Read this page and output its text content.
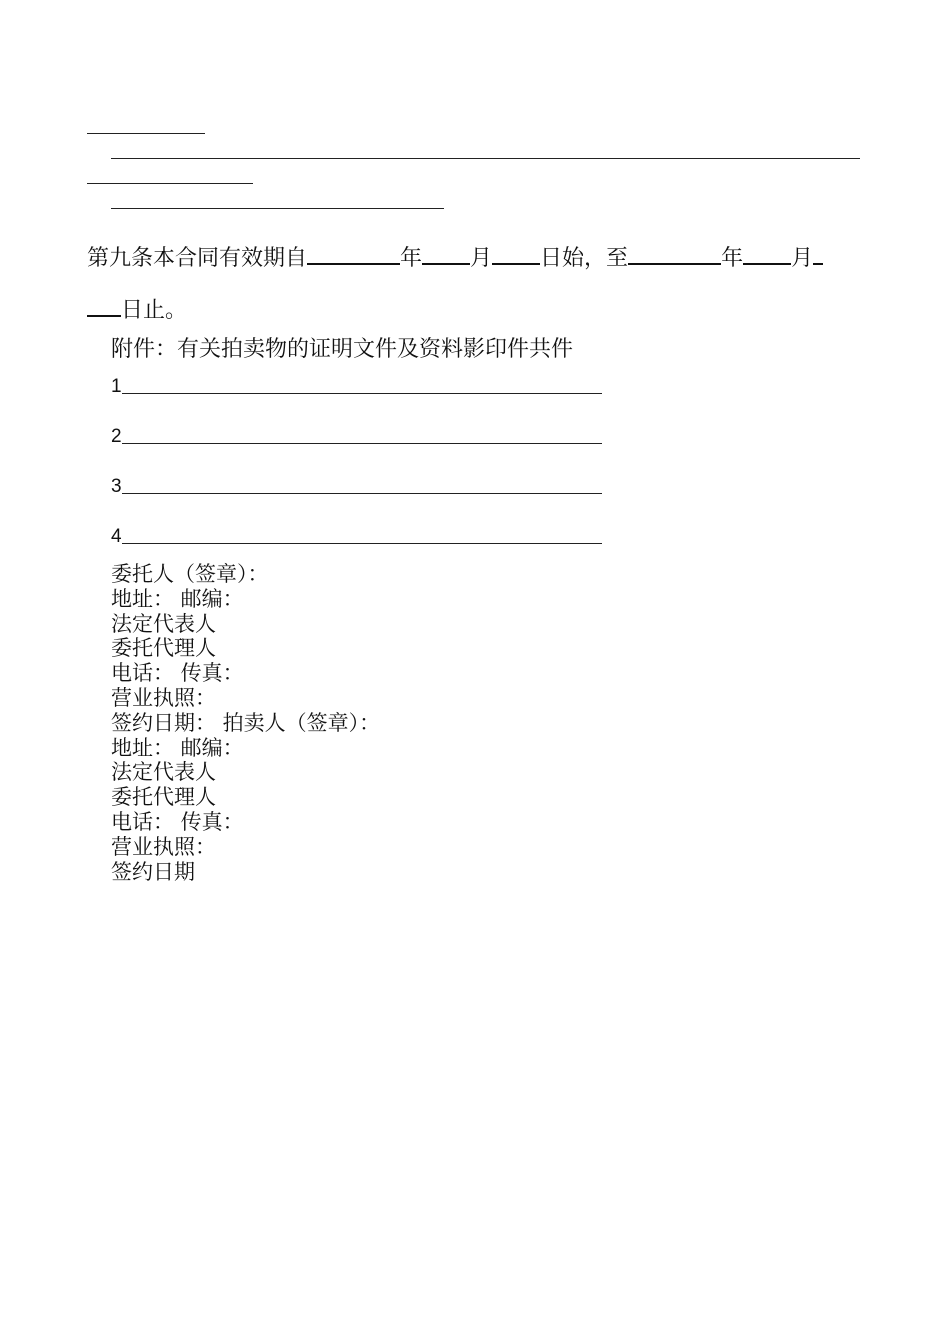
第九条本合同有效期自	年 月 日始，至	年 月
日止。
附件：有关拍卖物的证明文件及资料影印件共件
1
2
3
4
委托人（签章）：
地址： 邮编：
法定代表人
委托代理人
电话： 传真：
营业执照：
签约日期： 拍卖人（签章）：
地址： 邮编：
法定代表人
委托代理人
电话： 传真：
营业执照：
签约日期
